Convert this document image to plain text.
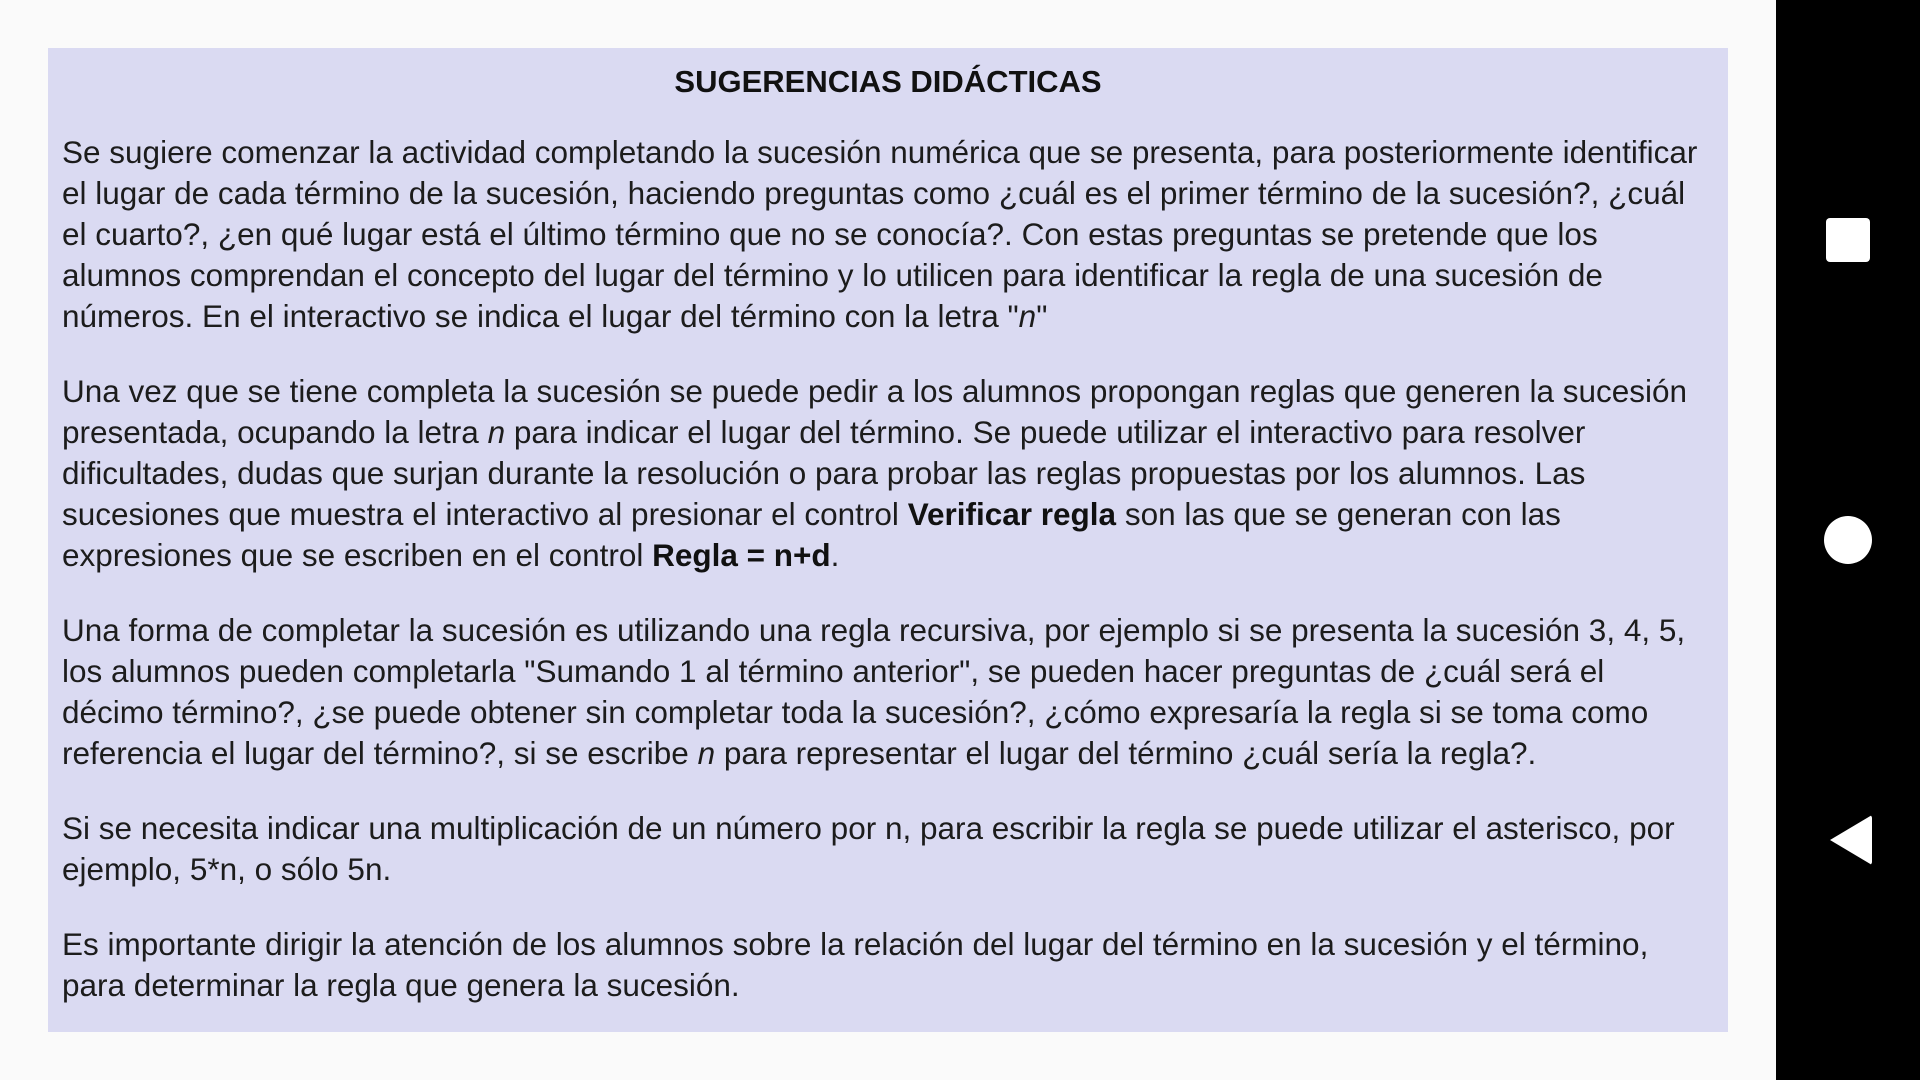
SUGERENCIAS DIDÁCTICAS

Se sugiere comenzar la actividad completando la sucesión numérica que se presenta, para posteriormente identificar el lugar de cada término de la sucesión, haciendo preguntas como ¿cuál es el primer término de la sucesión?, ¿cuál el cuarto?, ¿en qué lugar está el último término que no se conocía?. Con estas preguntas se pretende que los alumnos comprendan el concepto del lugar del término y lo utilicen para identificar la regla de una sucesión de números. En el interactivo se indica el lugar del término con la letra "n"

Una vez que se tiene completa la sucesión se puede pedir a los alumnos propongan reglas que generen la sucesión presentada, ocupando la letra n para indicar el lugar del término. Se puede utilizar el interactivo para resolver dificultades, dudas que surjan durante la resolución o para probar las reglas propuestas por los alumnos. Las sucesiones que muestra el interactivo al presionar el control Verificar regla son las que se generan con las expresiones que se escriben en el control Regla = n+d.

Una forma de completar la sucesión es utilizando una regla recursiva, por ejemplo si se presenta la sucesión 3, 4, 5, los alumnos pueden completarla "Sumando 1 al término anterior", se pueden hacer preguntas de ¿cuál será el décimo término?, ¿se puede obtener sin completar toda la sucesión?, ¿cómo expresaría la regla si se toma como referencia el lugar del término?, si se escribe n para representar el lugar del término ¿cuál sería la regla?.

Si se necesita indicar una multiplicación de un número por n, para escribir la regla se puede utilizar el asterisco, por ejemplo, 5*n, o sólo 5n.

Es importante dirigir la atención de los alumnos sobre la relación del lugar del término en la sucesión y el término, para determinar la regla que genera la sucesión.
